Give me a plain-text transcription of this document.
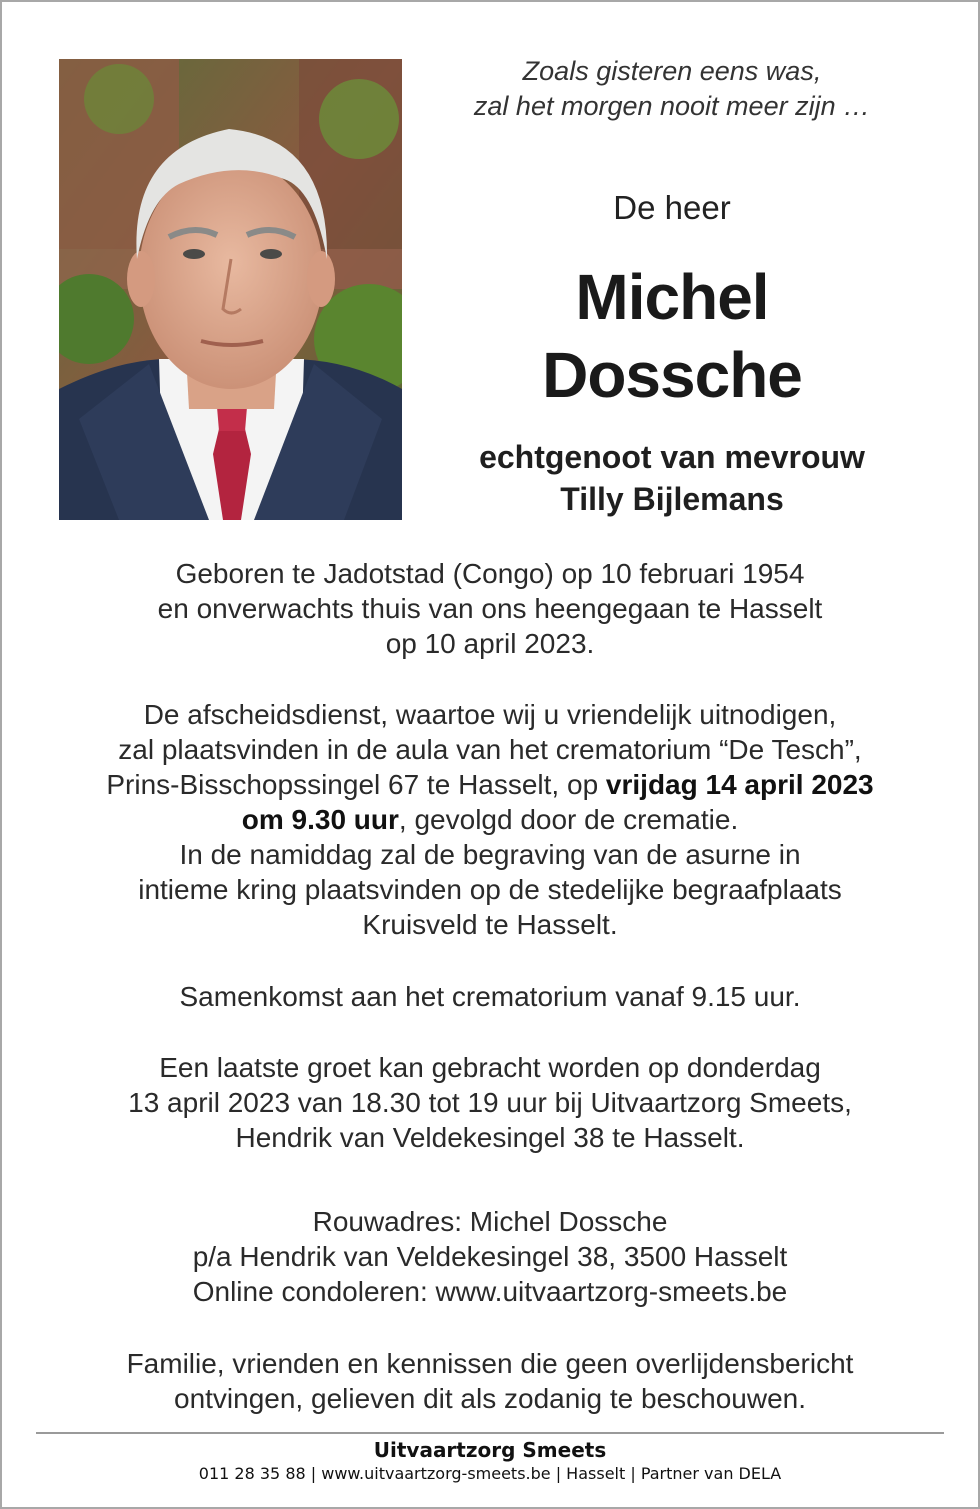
Zoals gisteren eens was,
zal het morgen nooit meer zijn …
De heer
Michel
Dossche
echtgenoot van mevrouw
Tilly Bijlemans

Geboren te Jadotstad (Congo) op 10 februari 1954

en onverwachts thuis van ons heengegaan te Hasselt

op 10 april 2023.

De afscheidsdienst, waartoe wij u vriendelijk uitnodigen,

zal plaatsvinden in de aula van het crematorium “De Tesch”,

Prins-Bisschopssingel 67 te Hasselt, op vrijdag 14 april 2023

om 9.30 uur, gevolgd door de crematie.

In de namiddag zal de begraving van de asurne in

intieme kring plaatsvinden op de stedelijke begraafplaats

Kruisveld te Hasselt.

Samenkomst aan het crematorium vanaf 9.15 uur.

Een laatste groet kan gebracht worden op donderdag

13 april 2023 van 18.30 tot 19 uur bij Uitvaartzorg Smeets,

Hendrik van Veldekesingel 38 te Hasselt.

Rouwadres: Michel Dossche

p/a Hendrik van Veldekesingel 38, 3500 Hasselt

Online condoleren: www.uitvaartzorg-smeets.be

Familie, vrienden en kennissen die geen overlijdensbericht

ontvingen, gelieven dit als zodanig te beschouwen.

Uitvaartzorg Smeets
011 28 35 88 | www.uitvaartzorg-smeets.be | Hasselt | Partner van DELA
